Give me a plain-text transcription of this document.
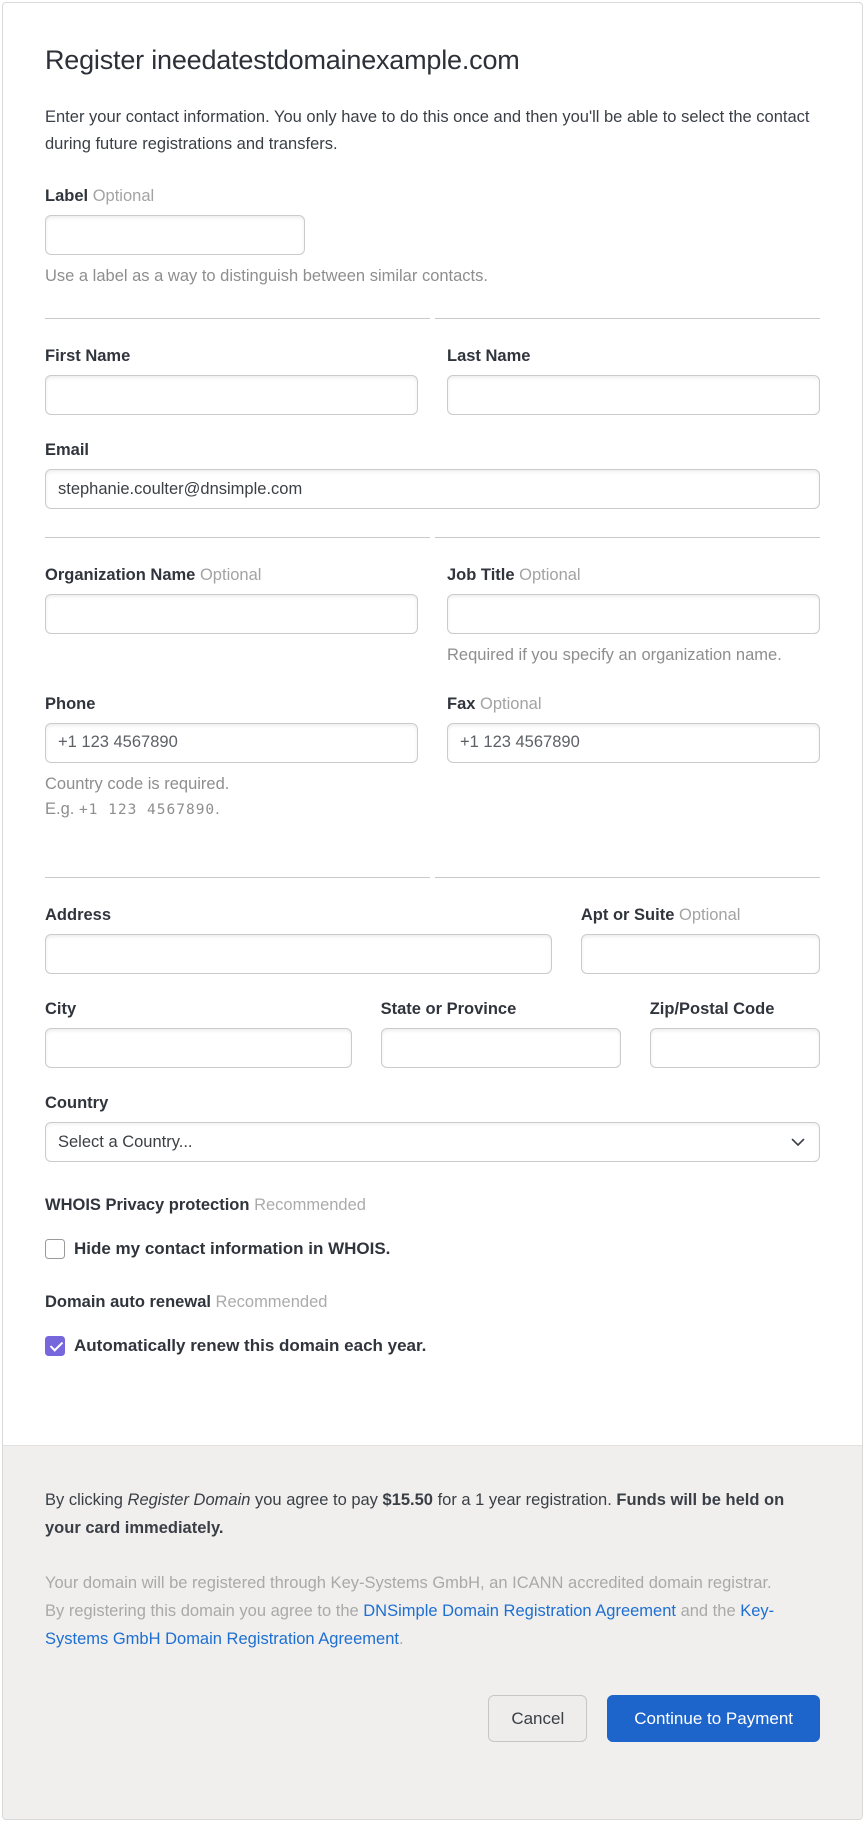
Register ineedatestdomainexample.com

Enter your contact information. You only have to do this once and then you'll be able to select the contact during future registrations and transfers.

Label Optional

Use a label as a way to distinguish between similar contacts.

First Name	Last Name
Email
stephanie.coulter@dnsimple.com
Organization Name Optional	Job Title Optional

Required if you specify an organization name.

Phone
+1 123 4567890

Country code is required.
E.g. +1 123 4567890.

Fax Optional
+1 123 4567890
Address	Apt or Suite Optional
City	State or Province	Zip/Postal Code
Country
Select a Country...
WHOIS Privacy protection Recommended
Hide my contact information in WHOIS.
Domain auto renewal Recommended
Automatically renew this domain each year.

By clicking Register Domain you agree to pay $15.50 for a 1 year registration. Funds will be held on your card immediately.

Your domain will be registered through Key-Systems GmbH, an ICANN accredited domain registrar.
By registering this domain you agree to the DNSimple Domain Registration Agreement and the Key-Systems GmbH Domain Registration Agreement.

Cancel	Continue to Payment
